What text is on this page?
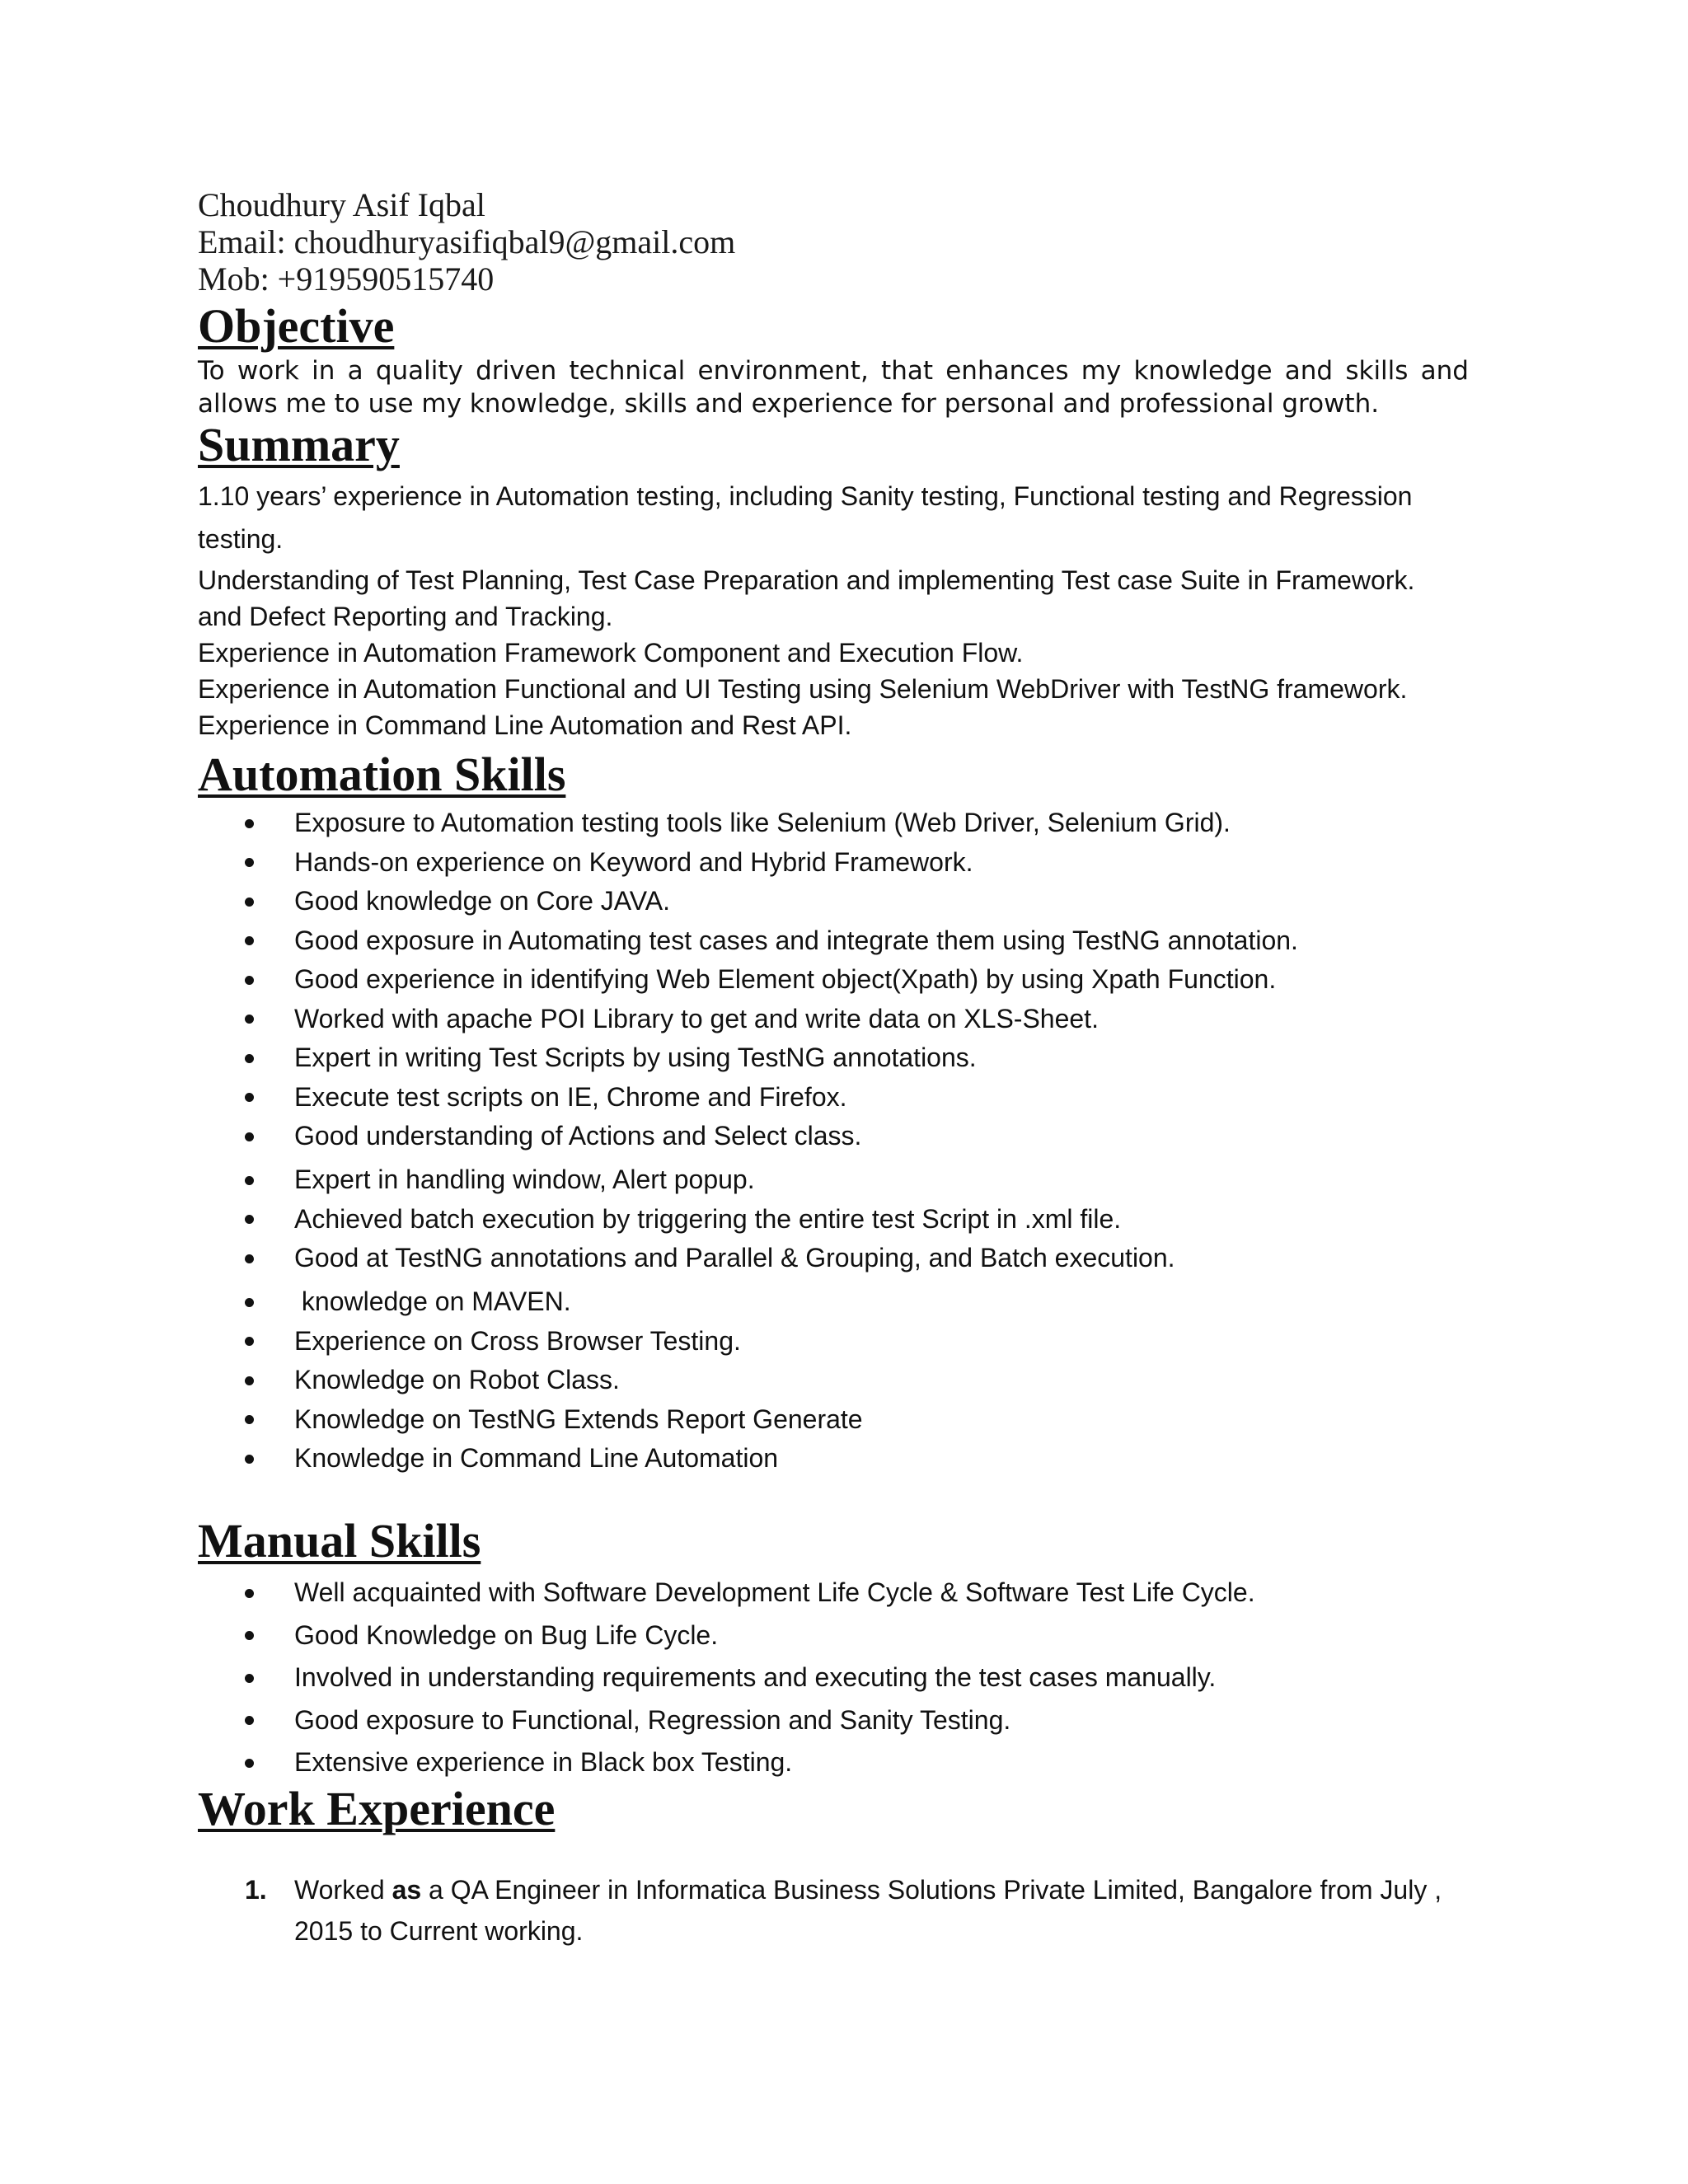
Choudhury Asif Iqbal
Email: choudhuryasifiqbal9@gmail.com
Mob: +919590515740
Objective
To work in a quality driven technical environment, that enhances my knowledge and skills and allows me to use my knowledge, skills and experience for personal and professional growth.
Summary
1.10 years’ experience in Automation testing, including Sanity testing, Functional testing and Regression
testing.
Understanding of Test Planning, Test Case Preparation and implementing Test case Suite in Framework.
and Defect Reporting and Tracking.
Experience in Automation Framework Component and Execution Flow.
Experience in Automation Functional and UI Testing using Selenium WebDriver with TestNG framework.
Experience in Command Line Automation and Rest API.
Automation Skills
Exposure to Automation testing tools like Selenium (Web Driver, Selenium Grid).
Hands-on experience on Keyword and Hybrid Framework.
Good knowledge on Core JAVA.
Good exposure in Automating test cases and integrate them using TestNG annotation.
Good experience in identifying Web Element object(Xpath) by using Xpath Function.
Worked with apache POI Library to get and write data on XLS-Sheet.
Expert in writing Test Scripts by using TestNG annotations.
Execute test scripts on IE, Chrome and Firefox.
Good understanding of Actions and Select class.
Expert in handling window, Alert popup.
Achieved batch execution by triggering the entire test Script in .xml file.
Good at TestNG annotations and Parallel & Grouping, and Batch execution.
knowledge on MAVEN.
Experience on Cross Browser Testing.
Knowledge on Robot Class.
Knowledge on TestNG Extends Report Generate
Knowledge in Command Line Automation
Manual Skills
Well acquainted with Software Development Life Cycle & Software Test Life Cycle.
Good Knowledge on Bug Life Cycle.
Involved in understanding requirements and executing the test cases manually.
Good exposure to Functional, Regression and Sanity Testing.
Extensive experience in Black box Testing.
Work Experience
1. Worked as a QA Engineer in Informatica Business Solutions Private Limited, Bangalore from July , 2015 to Current working.
